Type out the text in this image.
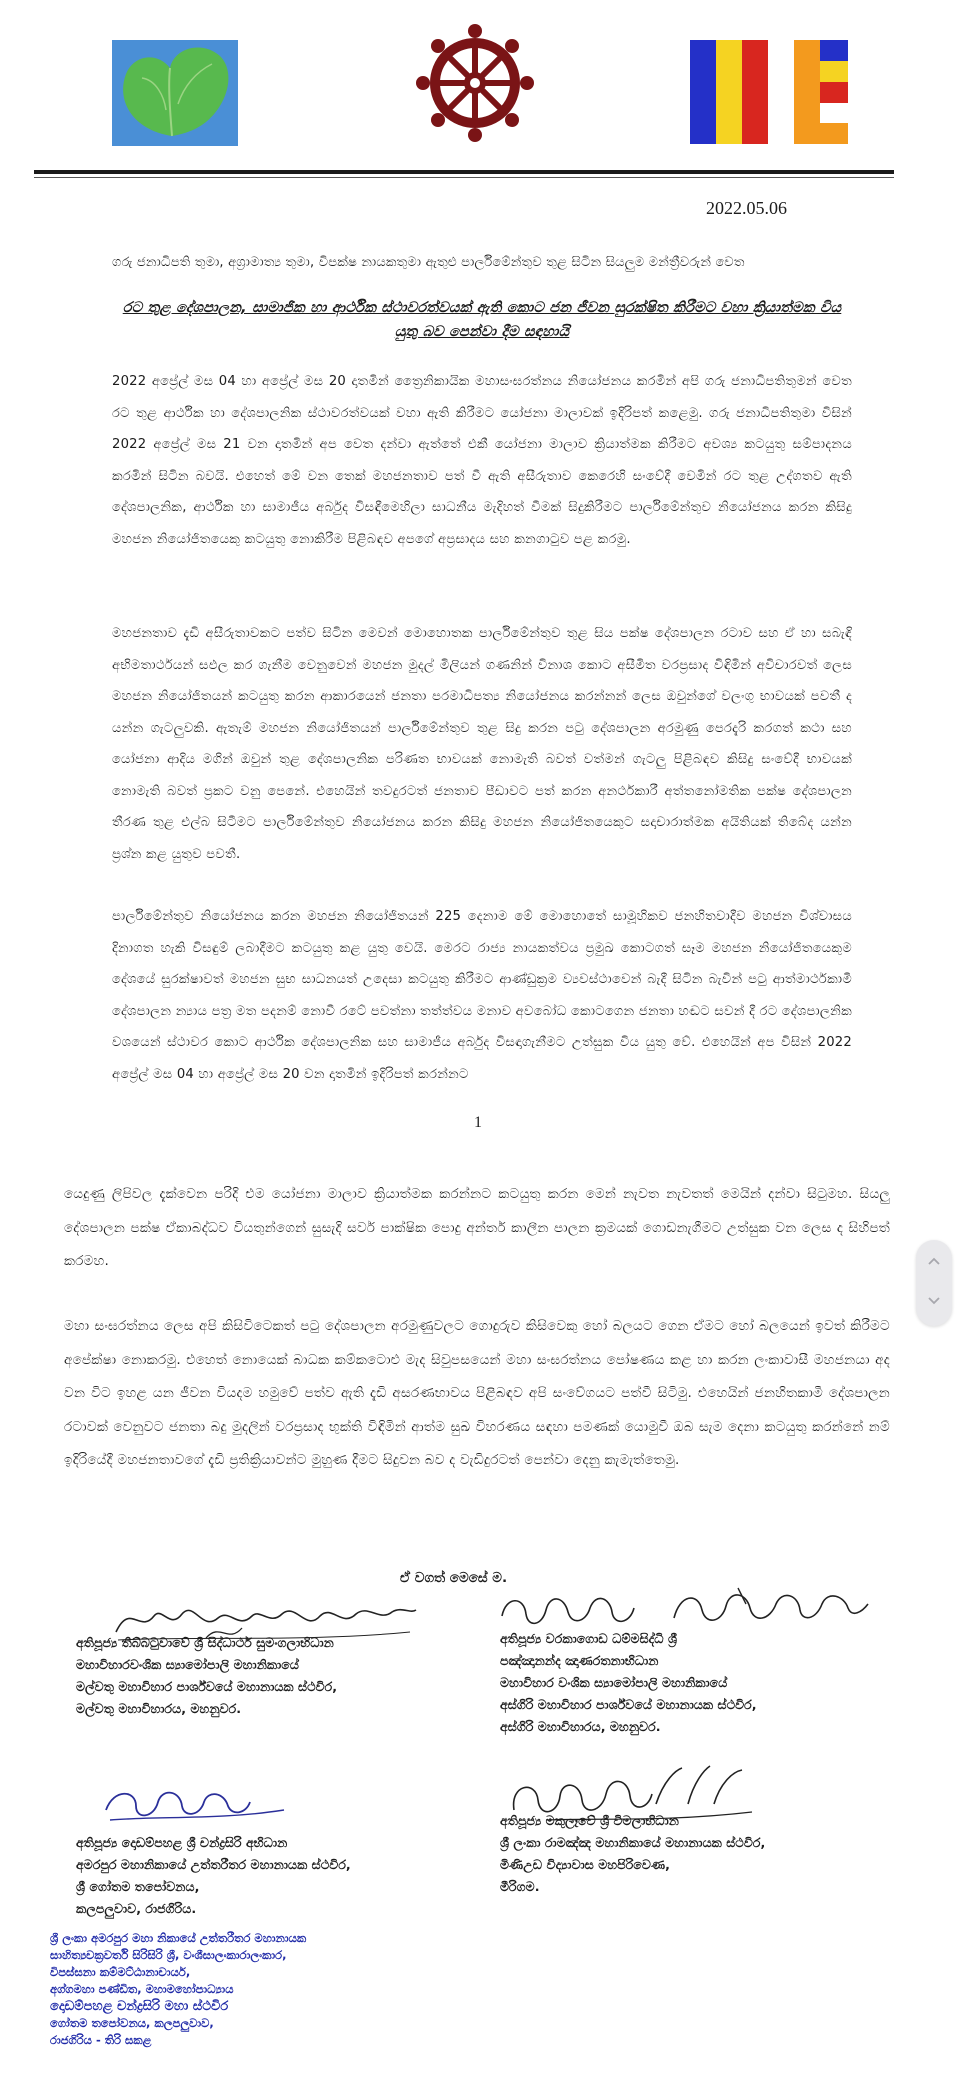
2022.05.06

ගරු ජනාධිපති තුමා, අග්‍රාමාත්‍ය තුමා, විපක්ෂ නායකතුමා ඇතුළු පාර්ලිමේන්තුව තුළ සිටින සියලුම මන්ත්‍රීවරුන් වෙත

රට තුළ දේශපාලන, සාමාජික හා ආර්ථික ස්ථාවරත්වයක් ඇති කොට ජන ජීවන සුරක්ෂිත කිරීමට වහා ක්‍රියාත්මක විය යුතු බව පෙන්වා දීම සඳහායි

2022 අප්‍රේල් මස 04 හා අප්‍රේල් මස 20 දාතමින් ත්‍රෛනිකායික මහාසංඝරත්නය නියෝජනය කරමින් අපි ගරු ජනාධිපතිතුමන් වෙත රට තුළ ආර්ථික හා දේශපාලනික ස්ථාවරත්වයක් වහා ඇති කිරීමට යෝජනා මාලාවක් ඉදිරිපත් කළෙමු. ගරු ජනාධිපතිතුමා විසින් 2022 අප්‍රේල් මස 21 වන දාතමින් අප වෙත දන්වා ඇත්තේ එකී යෝජනා මාලාව ක්‍රියාත්මක කිරීමට අවශ්‍ය කටයුතු සම්පාදනය කරමින් සිටින බවයි. එහෙත් මේ වන තෙක් මහජනතාව පත් වී ඇති අසීරුතාව කෙරෙහි සංවේදී වෙමින් රට තුළ උද්ගතව ඇති දේශපාලනික, ආර්ථික හා සාමාජීය අර්බුද විසඳීමෙහිලා සාධනීය මැදිහත් වීමක් සිදුකිරීමට පාර්ලිමේන්තුව නියෝජනය කරන කිසිදු මහජන නියෝජිතයෙකු කටයුතු නොකිරීම පිළිබඳව අපගේ අප්‍රසාදය සහ කනගාටුව පළ කරමු.

මහජනතාව දැඩි අසීරුතාවකට පත්ව සිටින මෙවන් මොහොතක පාර්ලිමේන්තුව තුළ සිය පක්ෂ දේශපාලන රටාව සහ ඒ හා සබැඳි අභිමතාර්ථයන් සඵල කර ගැනීම වෙනුවෙන් මහජන මුදල් මිලියන් ගණනින් විනාශ කොට අසීමිත වරප්‍රසාද විඳිමින් අවිචාරවත් ලෙස මහජන නියෝජිතයන් කටයුතු කරන ආකාරයෙන් ජනතා පරමාධිපත්‍ය නියෝජනය කරන්නන් ලෙස ඔවුන්ගේ වලංගු භාවයක් පවතී ද යන්න ගැටලුවකි. ඇතැම් මහජන නියෝජිතයන් පාර්ලිමේන්තුව තුළ සිදු කරන පටු දේශපාලන අරමුණු පෙරදැරි කරගත් කථා සහ යෝජනා ආදිය මගින් ඔවුන් තුළ දේශපාලනික පරිණත භාවයක් නොමැති බවත් වත්මන් ගැටලු පිළිබඳව කිසිදු සංවේදී භාවයක් නොමැති බවත් ප්‍රකට වනු පෙනේ. එහෙයින් තවදුරටත් ජනතාව පීඩාවට පත් කරන අනර්ථකාරී අත්තනෝමතික පක්ෂ දේශපාලන තීරණ තුළ එල්බ සිටීමට පාර්ලිමේන්තුව නියෝජනය කරන කිසිදු මහජන නියෝජිතයෙකුට සදාචාරාත්මක අයිතියක් තිබේද යන්න ප්‍රශ්න කළ යුතුව පවතී.

පාර්ලිමේන්තුව නියෝජනය කරන මහජන නියෝජිතයන් 225 දෙනාම මේ මොහොතේ සාමූහිකව ජනහිතවාදීව මහජන විශ්වාසය දිනාගත හැකි විසඳුම් ලබාදීමට කටයුතු කළ යුතු වෙයි. මෙරට රාජ්‍ය නායකත්වය ප්‍රමුඛ කොටගත් සෑම මහජන නියෝජිතයෙකුම දේශයේ සුරක්ෂාවත් මහජන සුභ සාධනයත් උදෙසා කටයුතු කිරීමට ආණ්ඩුක්‍රම ව්‍යවස්ථාවෙන් බැදී සිටින බැවින් පටු ආත්මාර්ථකාමී දේශපාලන න්‍යාය පත්‍ර මත පදනම් නොවී රටේ පවත්නා තත්ත්වය මනාව අවබෝධ කොටගෙන ජනතා හඬට සවන් දී රට දේශපාලනික වශයෙන් ස්ථාවර කොට ආර්ථික දේශපාලනික සහ සාමාජීය අර්බුද විසඳාගැනීමට උත්සුක විය යුතු වේ. එහෙයින් අප විසින් 2022 අප්‍රේල් මස 04 හා අප්‍රේල් මස 20 වන දාතමින් ඉදිරිපත් කරන්නට

1

යෙදුණු ලිපිවල දැක්වෙන පරිදි එම යෝජනා මාලාව ක්‍රියාත්මක කරන්නට කටයුතු කරන මෙන් නැවත නැවතත් මෙයින් දන්වා සිටුමහ. සියලු දේශපාලන පක්ෂ ඒකාබද්ධව වියතුන්ගෙන් සුසැදි සර්ව පාක්ෂික පොදු අන්තර් කාලීන පාලන ක්‍රමයක් ගොඩනැගීමට උත්සුක වන ලෙස ද සිහිපත් කරමහ.

මහා සංඝරත්නය ලෙස අපි කිසිවිටෙකත් පටු දේශපාලන අරමුණුවලට ගොදුරුව කිසිවෙකු හෝ බලයට ගෙන ඒමට හෝ බලයෙන් ඉවත් කිරීමට අපේක්ෂා නොකරමු. එහෙත් නොයෙක් බාධක කම්කටොළු මැද සිවුපසයෙන් මහා සංඝරත්නය පෝෂණය කළ හා කරන ලංකාවාසී මහජනයා අද වන විට ඉහළ යන ජීවන වියදම හමුවේ පත්ව ඇති දැඩි අසරණභාවය පිළිබඳව අපි සංවේගයට පත්වී සිටිමු. එහෙයින් ජනහිතකාමී දේශපාලන රටාවක් වෙනුවට ජනතා බදු මුදලින් වරප්‍රසාද භුක්ති විඳිමින් ආත්ම සුඛ විහරණය සඳහා පමණක් යොමුවී ඔබ සැම දෙනා කටයුතු කරන්නේ නම් ඉදිරියේදී මහජනතාවගේ දැඩි ප්‍රතික්‍රියාවන්ට මුහුණ දීමට සිදුවන බව ද වැඩිදුරටත් පෙන්වා දෙනු කැමැත්තෙමු.

ඒ වගත් මෙසේ ම.
අතිපූජ්‍ය තිබ්බටුවාවේ ශ්‍රී සිද්ධාර්ථ සුමංගලාභිධාන
මහාවිහාරවංශික ස්‍යාමෝපාලි මහානිකායේ
මල්වතු මහාවිහාර පාර්ශ්වයේ මහානායක ස්ථවිර,
මල්වතු මහාවිහාරය, මහනුවර.
අතිපූජ්‍ය වරකාගොඩ ධම්මසිද්ධි ශ්‍රී
පඤ්ඤානන්ද ඤාණරතනාභිධාන
මහාවිහාර වංශික ස්‍යාමෝපාලි මහානිකායේ
අස්ගිරි මහාවිහාර පාර්ශ්වයේ මහානායක ස්ථවිර,
අස්ගිරි මහාවිහාරය, මහනුවර.
අතිපූජ්‍ය දොඩම්පහළ ශ්‍රී චන්ද්‍රසිරි අභිධාන
අමරපුර මහානිකායේ උත්තරීතර මහානායක ස්ථවිර,
ශ්‍රී ගෝතම තපෝවනය,
කලපලුවාව, රාජගිරිය.
අතිපූජ්‍ය මකුලෑවේ ශ්‍රී විමලාභිධාන
ශ්‍රී ලංකා රාමඤ්ඤ මහානිකායේ මහානායක ස්ථවිර,
මිණිඋඩ විද්‍යාවාස මහපිරිවෙණ,
මීරිගම.
ශ්‍රී ලංකා අමරපුර මහා නිකායේ උත්තරීතර මහානායක
සාහිත්‍යචක්‍රවර්ති සිරිසිරි ශ්‍රී, වංශීසාලංකාරාලංකාර,
විපස්සනා කම්මට්ඨානාචාර්ය,
අග්ගමහා පණ්ඩිත, මහාමහෝපාධ්‍යාය
දොඩම්පහළ චන්ද්‍රසිරි මහා ස්ථවිර
ගෝතම තපෝවනය, කලපලුවාව,
රාජගිරිය - තිරි සකළ
